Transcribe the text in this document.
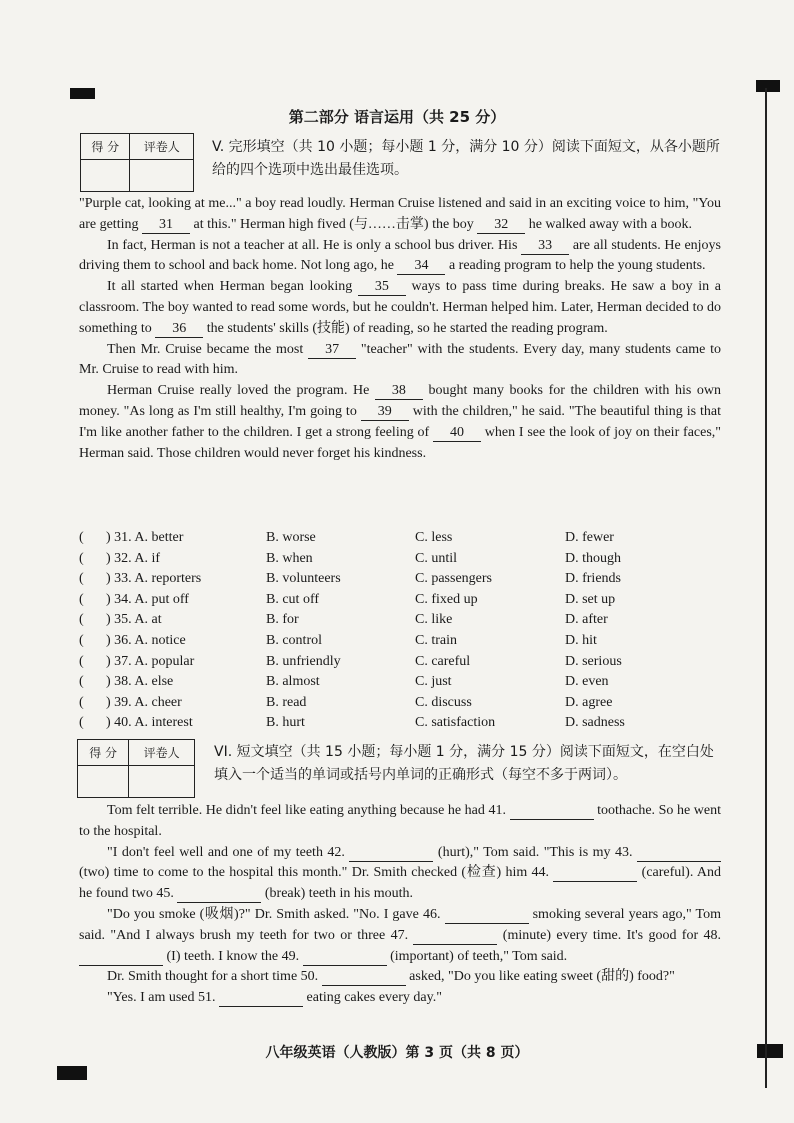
第二部分 语言运用（共 25 分）
得 分	评卷人
	V. 完形填空（共 10 小题；每小题 1 分，满分 10 分）阅读下面短文，从各小题所给的四个选项中选出最佳选项。
"Purple cat, looking at me..." a boy read loudly. Herman Cruise listened and said in an exciting voice to him, "You are getting 31 at this." Herman high fived (与……击掌) the boy 32 he walked away with a book.
In fact, Herman is not a teacher at all. He is only a school bus driver. His 33 are all students. He enjoys driving them to school and back home. Not long ago, he 34 a reading program to help the young students.
It all started when Herman began looking 35 ways to pass time during breaks. He saw a boy in a classroom. The boy wanted to read some words, but he couldn't. Herman helped him. Later, Herman decided to do something to 36 the students' skills (技能) of reading, so he started the reading program.
Then Mr. Cruise became the most 37 "teacher" with the students. Every day, many students came to Mr. Cruise to read with him.
Herman Cruise really loved the program. He 38 bought many books for the children with his own money. "As long as I'm still healthy, I'm going to 39 with the children," he said. "The beautiful thing is that I'm like another father to the children. I get a strong feeling of 40 when I see the look of joy on their faces," Herman said. Those children would never forget his kindness.
(	) 31. A. better	B. worse	C. less	D. fewer
(	) 32. A. if	B. when	C. until	D. though
(	) 33. A. reporters	B. volunteers	C. passengers	D. friends
(	) 34. A. put off	B. cut off	C. fixed up	D. set up
(	) 35. A. at	B. for	C. like	D. after
(	) 36. A. notice	B. control	C. train	D. hit
(	) 37. A. popular	B. unfriendly	C. careful	D. serious
(	) 38. A. else	B. almost	C. just	D. even
(	) 39. A. cheer	B. read	C. discuss	D. agree
(	) 40. A. interest	B. hurt	C. satisfaction	D. sadness
得 分	评卷人
	VI. 短文填空（共 15 小题；每小题 1 分，满分 15 分）阅读下面短文，在空白处填入一个适当的单词或括号内单词的正确形式（每空不多于两词）。
Tom felt terrible. He didn't feel like eating anything because he had 41.	toothache. So he went to the hospital.
"I don't feel well and one of my teeth 42.	(hurt)," Tom said. "This is my 43.   (two) time to come to the hospital this month." Dr. Smith checked (检查) him 44.	(careful). And he found two 45.	(break) teeth in his mouth.
"Do you smoke (吸烟)?" Dr. Smith asked. "No. I gave 46.	smoking several years ago," Tom said. "And I always brush my teeth for two or three 47.	(minute) every time. It's good for 48.   (I) teeth. I know the 49.	(important) of teeth," Tom said.
Dr. Smith thought for a short time 50.	asked, "Do you like eating sweet (甜的) food?"
"Yes. I am used 51.	eating cakes every day."
八年级英语（人教版）第 3 页（共 8 页）
